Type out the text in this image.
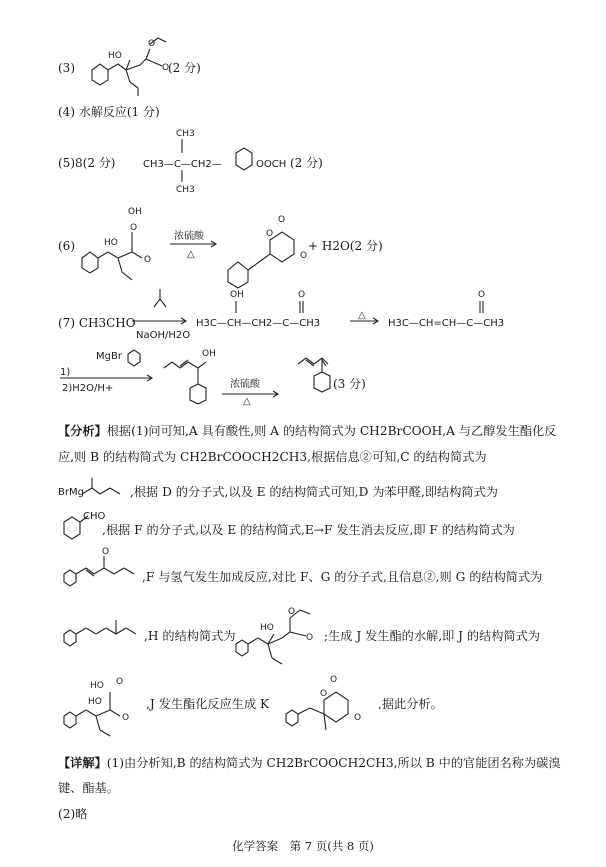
(3)
HO
O
O
(2 分)
(4) 水解反应(1 分)
(5)8(2 分)	CH3—C—CH2—
CH3
CH3
OOCH (2 分)
(6)	HO
O
OH
O
O
O
O
浓硫酸
△
+ H2O(2 分)
(7) CH3CHO
OH	O	O
NaOH/H2O
H3C—CH—CH2—C—CH3
△
H3C—CH=CH—C—CH3
1)
MgBr
2)H2O/H+
OH
浓硫酸
△
(3 分)
【分析】根据(1)问可知,A 具有酸性,则 A 的结构简式为 CH2BrCOOH,A 与乙醇发生酯化反
应,则 B 的结构简式为 CH2BrCOOCH2CH3,根据信息②可知,C 的结构简式为
BrMg	,根据 D 的分子式,以及 E 的结构简式可知,D 为苯甲醛,即结构简式为
CHO
,根据 F 的分子式,以及 E 的结构简式,E→F 发生消去反应,即 F 的结构简式为
O
,F 与氢气发生加成反应,对比 F、G 的分子式,且信息②,则 G 的结构简式为
,H 的结构简式为
HO
O
O ;生成 J 发生酯的水解,即 J 的结构简式为
HO
O
HO O
,J 发生酯化反应生成 K
O
O
O
,据此分析。
【详解】(1)由分析知,B 的结构简式为 CH2BrCOOCH2CH3,所以 B 中的官能团名称为碳溴
键、酯基。
(2)略
化学答案　第 7 页(共 8 页)
